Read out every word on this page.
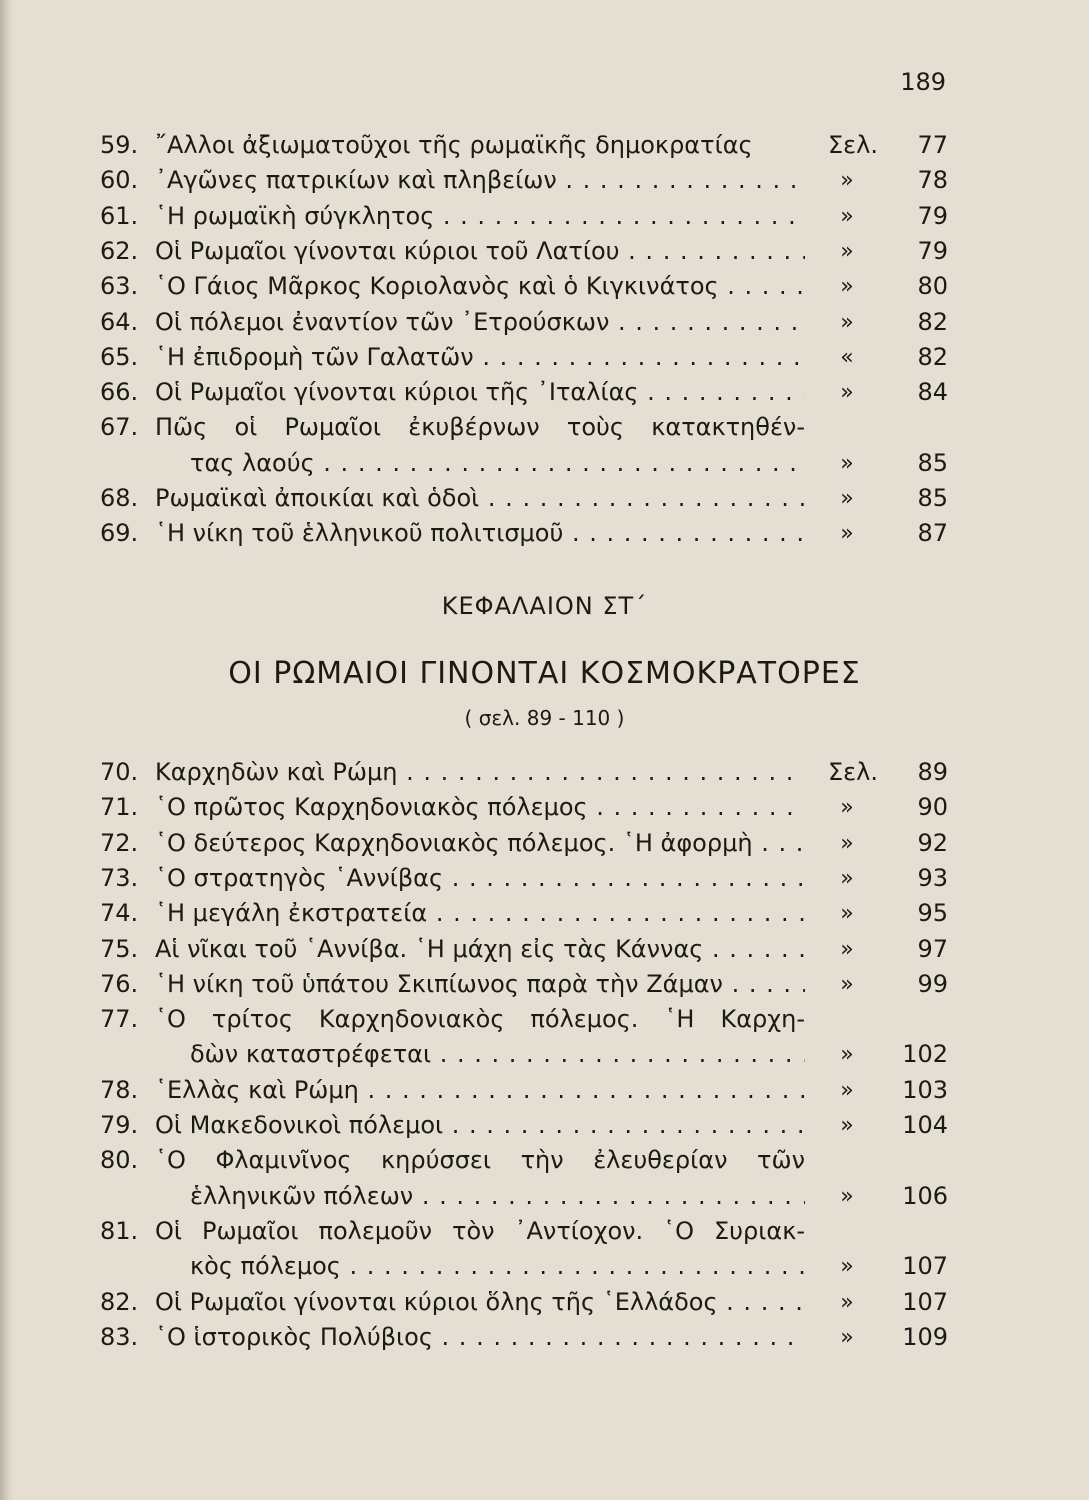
189
59. ῎Αλλοι ἀξιωματοῦχοι τῆς ρωμαϊκῆς δημοκρατίας	Σελ.	77
60. ᾿Αγῶνες πατρικίων καὶ πληβείων . . .	»	78
61. ῾Η ρωμαϊκὴ σύγκλητος . . .	»	79
62. Οἱ Ρωμαῖοι γίνονται κύριοι τοῦ Λατίου . . .	»	79
63. ῾Ο Γάιος Μᾶρκος Κοριολανὸς καὶ ὁ Κιγκινάτος . . .	»	80
64. Οἱ πόλεμοι ἐναντίον τῶν ᾿Ετρούσκων . . .	»	82
65. ῾Η ἐπιδρομὴ τῶν Γαλατῶν . . .	«	82
66. Οἱ Ρωμαῖοι γίνονται κύριοι τῆς ᾿Ιταλίας . . .	»	84
67. Πῶς οἱ Ρωμαῖοι ἐκυβέρνων τοὺς κατακτηθέν-
τας λαούς . . .	»	85
68. Ρωμαϊκαὶ ἀποικίαι καὶ ὁδοὶ . . .	»	85
69. ῾Η νίκη τοῦ ἑλληνικοῦ πολιτισμοῦ . . .	»	87
ΚΕΦΑΛΑΙΟΝ ΣΤ΄
ΟΙ ΡΩΜΑΙΟΙ ΓΙΝΟΝΤΑΙ ΚΟΣΜΟΚΡΑΤΟΡΕΣ
( σελ. 89 - 110 )
70. Καρχηδὼν καὶ Ρώμη . . .	Σελ.	89
71. ῾Ο πρῶτος Καρχηδονιακὸς πόλεμος . . .	»	90
72. ῾Ο δεύτερος Καρχηδονιακὸς πόλεμος. ῾Η ἀφορμὴ . . .	»	92
73. ῾Ο στρατηγὸς ῾Αννίβας . . .	»	93
74. ῾Η μεγάλη ἐκστρατεία . . .	»	95
75. Αἱ νῖκαι τοῦ ῾Αννίβα. ῾Η μάχη εἰς τὰς Κάννας . . .	»	97
76. ῾Η νίκη τοῦ ὑπάτου Σκιπίωνος παρὰ τὴν Ζάμαν . . .	»	99
77. ῾Ο τρίτος Καρχηδονιακὸς πόλεμος. ῾Η Καρχη-
δὼν καταστρέφεται . . .	»	102
78. ῾Ελλὰς καὶ Ρώμη . . .	»	103
79. Οἱ Μακεδονικοὶ πόλεμοι . . .	»	104
80. ῾Ο Φλαμινῖνος κηρύσσει τὴν ἐλευθερίαν τῶν
ἑλληνικῶν πόλεων . . .	»	106
81. Οἱ Ρωμαῖοι πολεμοῦν τὸν ᾿Αντίοχον. ῾Ο Συριακ-
κὸς πόλεμος . . .	»	107
82. Οἱ Ρωμαῖοι γίνονται κύριοι ὅλης τῆς ῾Ελλάδος . . .	»	107
83. ῾Ο ἱστορικὸς Πολύβιος . . .	»	109
